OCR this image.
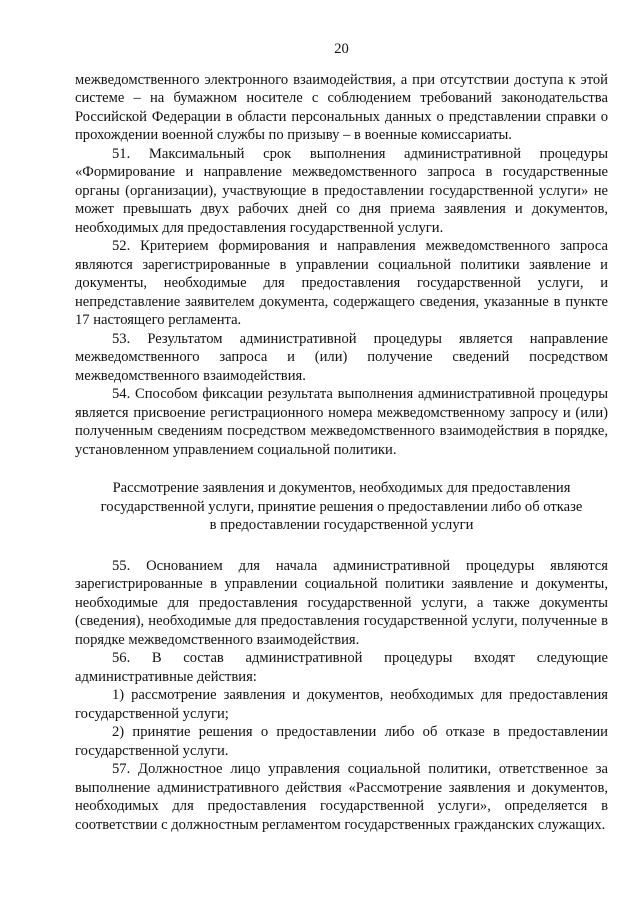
20

межведомственного электронного взаимодействия, а при отсутствии доступа к этой системе – на бумажном носителе с соблюдением требований законодательства Российской Федерации в области персональных данных о представлении справки о прохождении военной службы по призыву – в военные комиссариаты.

51. Максимальный срок выполнения административной процедуры «Формирование и направление межведомственного запроса в государственные органы (организации), участвующие в предоставлении государственной услуги» не может превышать двух рабочих дней со дня приема заявления и документов, необходимых для предоставления государственной услуги.

52. Критерием формирования и направления межведомственного запроса являются зарегистрированные в управлении социальной политики заявление и документы, необходимые для предоставления государственной услуги, и непредставление заявителем документа, содержащего сведения, указанные в пункте 17 настоящего регламента.

53. Результатом административной процедуры является направление межведомственного запроса и (или) получение сведений посредством межведомственного взаимодействия.

54. Способом фиксации результата выполнения административной процедуры является присвоение регистрационного номера межведомственному запросу и (или) полученным сведениям посредством межведомственного взаимодействия в порядке, установленном управлением социальной политики.

Рассмотрение заявления и документов, необходимых для предоставления

государственной услуги, принятие решения о предоставлении либо об отказе

в предоставлении государственной услуги

55. Основанием для начала административной процедуры являются зарегистрированные в управлении социальной политики заявление и документы, необходимые для предоставления государственной услуги, а также документы (сведения), необходимые для предоставления государственной услуги, полученные в порядке межведомственного взаимодействия.

56. В состав административной процедуры входят следующие административные действия:

1) рассмотрение заявления и документов, необходимых для предоставления государственной услуги;

2) принятие решения о предоставлении либо об отказе в предоставлении государственной услуги.

57. Должностное лицо управления социальной политики, ответственное за выполнение административного действия «Рассмотрение заявления и документов, необходимых для предоставления государственной услуги», определяется в соответствии с должностным регламентом государственных гражданских служащих.
